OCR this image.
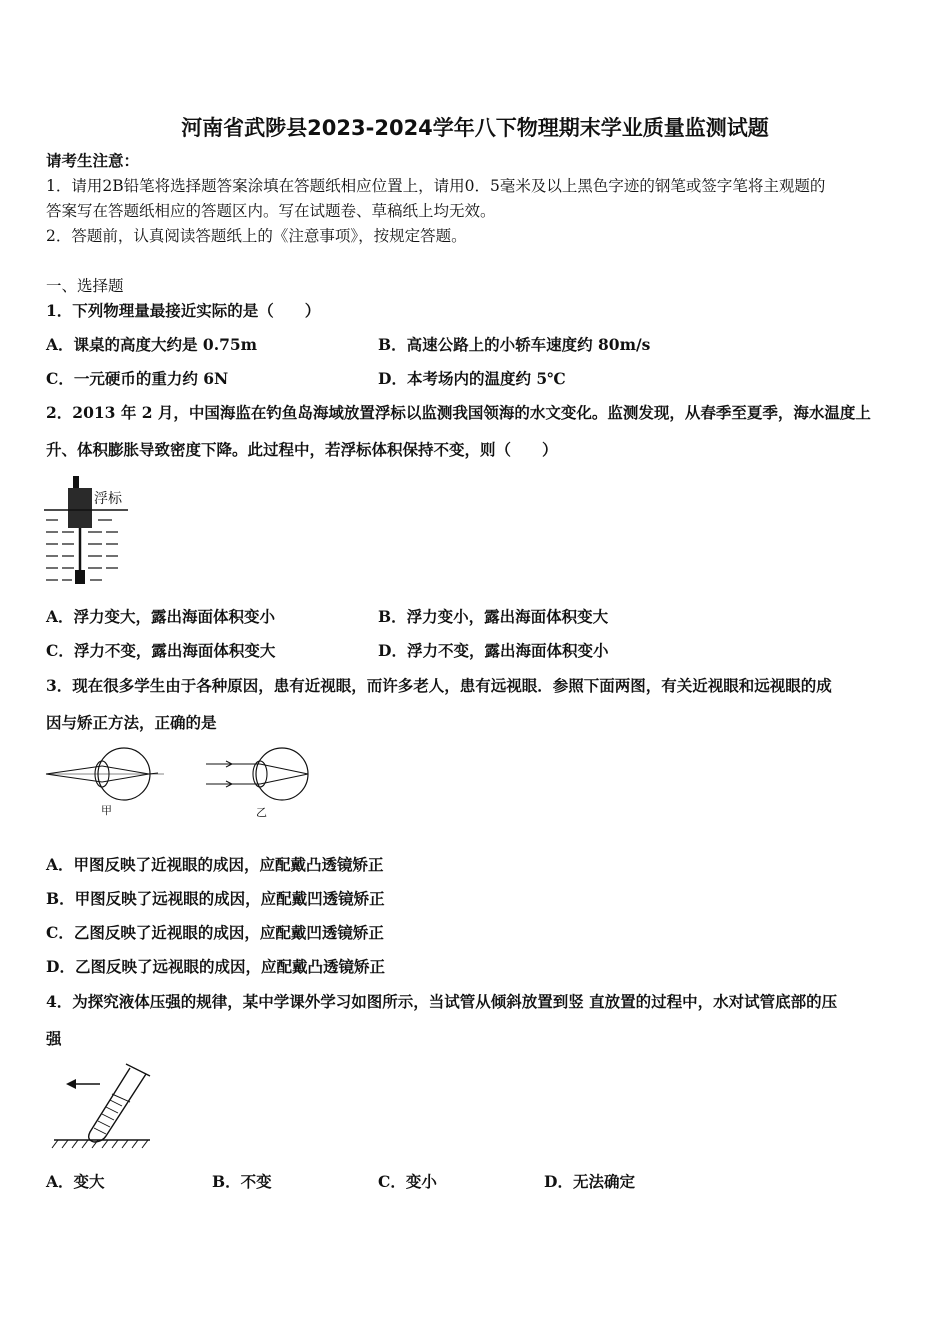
河南省武陟县2023-2024学年八下物理期末学业质量监测试题
请考生注意：
1．请用2B铅笔将选择题答案涂填在答题纸相应位置上，请用0．5毫米及以上黑色字迹的钢笔或签字笔将主观题的
答案写在答题纸相应的答题区内。写在试题卷、草稿纸上均无效。
2．答题前，认真阅读答题纸上的《注意事项》，按规定答题。
一、选择题
1．下列物理量最接近实际的是（　　）
A．课桌的高度大约是 0.75m	B．高速公路上的小轿车速度约 80m/s
C．一元硬币的重力约 6N	D．本考场内的温度约 5℃
2．2013 年 2 月，中国海监在钓鱼岛海域放置浮标以监测我国领海的水文变化。监测发现，从春季至夏季，海水温度上
升、体积膨胀导致密度下降。此过程中，若浮标体积保持不变，则（　　）
浮标
A．浮力变大，露出海面体积变小	B．浮力变小，露出海面体积变大
C．浮力不变，露出海面体积变大	D．浮力不变，露出海面体积变小
3．现在很多学生由于各种原因，患有近视眼，而许多老人，患有远视眼．参照下面两图，有关近视眼和远视眼的成
因与矫正方法，正确的是
甲	乙
A．甲图反映了近视眼的成因，应配戴凸透镜矫正
B．甲图反映了远视眼的成因，应配戴凹透镜矫正
C．乙图反映了近视眼的成因，应配戴凹透镜矫正
D．乙图反映了远视眼的成因，应配戴凸透镜矫正
4．为探究液体压强的规律，某中学课外学习如图所示，当试管从倾斜放置到竖 直放置的过程中，水对试管底部的压
强
A．变大	B．不变	C．变小	D．无法确定
